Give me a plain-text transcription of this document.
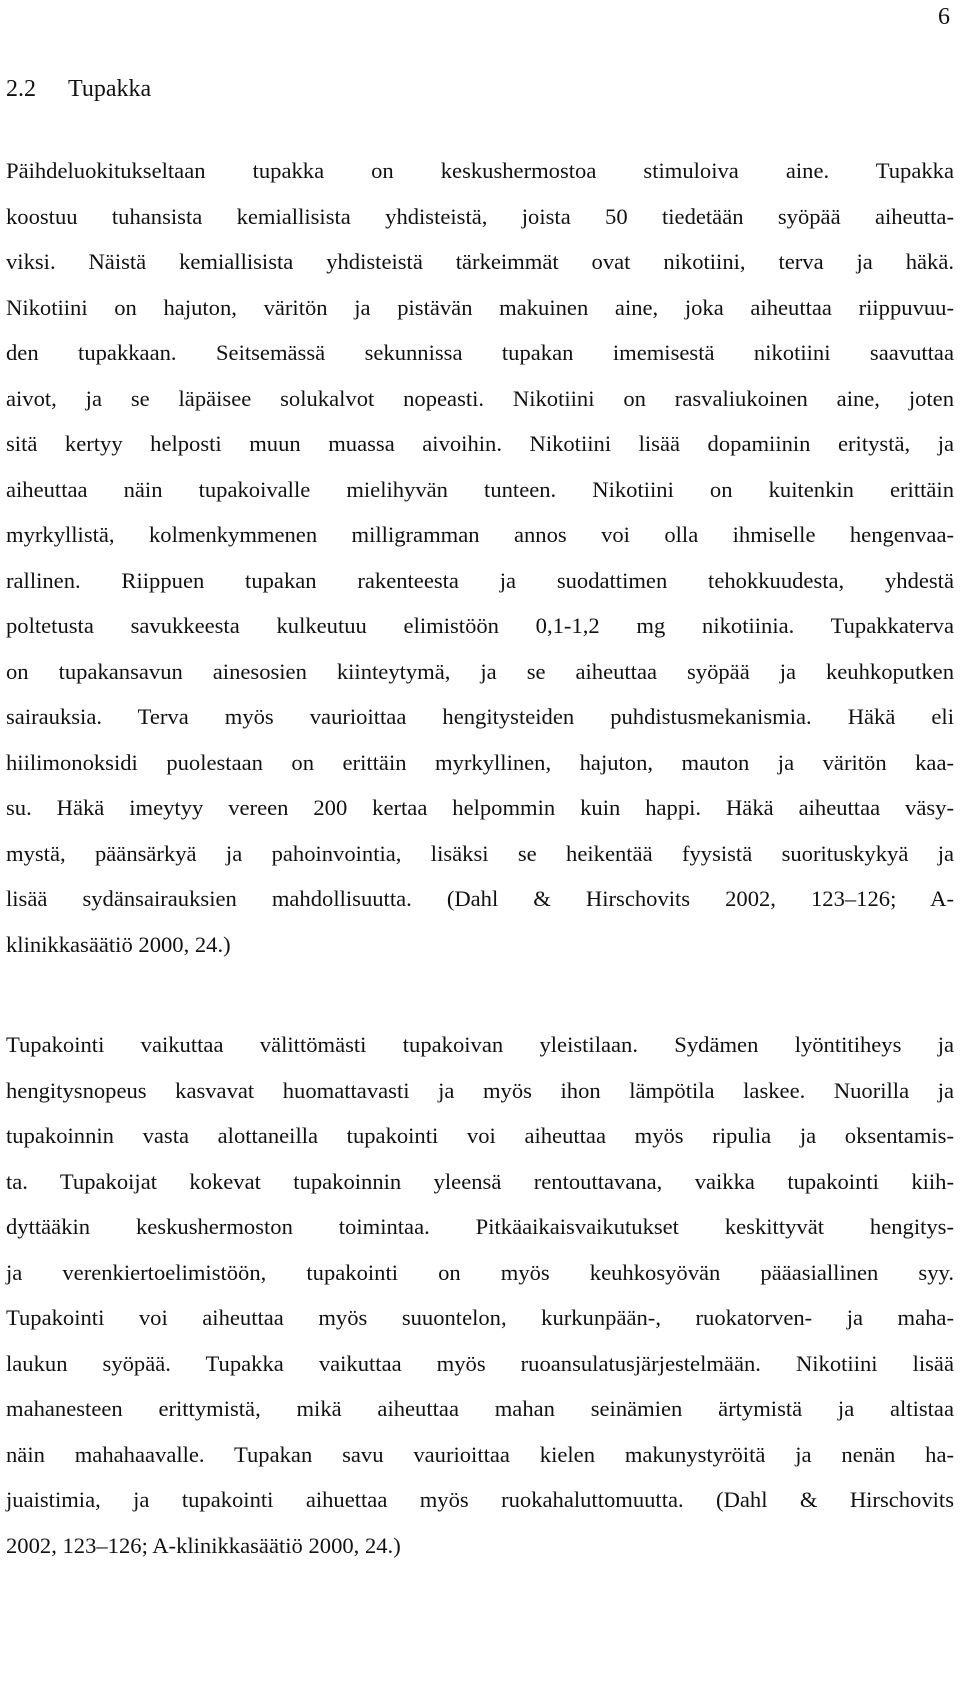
6
2.2 Tupakka
Päihdeluokitukseltaan tupakka on keskushermostoa stimuloiva aine. Tupakka
koostuu tuhansista kemiallisista yhdisteistä, joista 50 tiedetään syöpää aiheutta-
viksi. Näistä kemiallisista yhdisteistä tärkeimmät ovat nikotiini, terva ja häkä.
Nikotiini on hajuton, väritön ja pistävän makuinen aine, joka aiheuttaa riippuvuu-
den tupakkaan. Seitsemässä sekunnissa tupakan imemisestä nikotiini saavuttaa
aivot, ja se läpäisee solukalvot nopeasti. Nikotiini on rasvaliukoinen aine, joten
sitä kertyy helposti muun muassa aivoihin. Nikotiini lisää dopamiinin eritystä, ja
aiheuttaa näin tupakoivalle mielihyvän tunteen. Nikotiini on kuitenkin erittäin
myrkyllistä, kolmenkymmenen milligramman annos voi olla ihmiselle hengenvaa-
rallinen. Riippuen tupakan rakenteesta ja suodattimen tehokkuudesta, yhdestä
poltetusta savukkeesta kulkeutuu elimistöön 0,1-1,2 mg nikotiinia. Tupakkaterva
on tupakansavun ainesosien kiinteytymä, ja se aiheuttaa syöpää ja keuhkoputken
sairauksia. Terva myös vaurioittaa hengitysteiden puhdistusmekanismia. Häkä eli
hiilimonoksidi puolestaan on erittäin myrkyllinen, hajuton, mauton ja väritön kaa-
su. Häkä imeytyy vereen 200 kertaa helpommin kuin happi. Häkä aiheuttaa väsy-
mystä, päänsärkyä ja pahoinvointia, lisäksi se heikentää fyysistä suorituskykyä ja
lisää sydänsairauksien mahdollisuutta. (Dahl & Hirschovits 2002, 123–126; A-
klinikkasäätiö 2000, 24.)
Tupakointi vaikuttaa välittömästi tupakoivan yleistilaan. Sydämen lyöntitiheys ja
hengitysnopeus kasvavat huomattavasti ja myös ihon lämpötila laskee. Nuorilla ja
tupakoinnin vasta alottaneilla tupakointi voi aiheuttaa myös ripulia ja oksentamis-
ta. Tupakoijat kokevat tupakoinnin yleensä rentouttavana, vaikka tupakointi kiih-
dyttääkin keskushermoston toimintaa. Pitkäaikaisvaikutukset keskittyvät hengitys-
ja verenkiertoelimistöön, tupakointi on myös keuhkosyövän pääasiallinen syy.
Tupakointi voi aiheuttaa myös suuontelon, kurkunpään-, ruokatorven- ja maha-
laukun syöpää. Tupakka vaikuttaa myös ruoansulatusjärjestelmään. Nikotiini lisää
mahanesteen erittymistä, mikä aiheuttaa mahan seinämien ärtymistä ja altistaa
näin mahahaavalle. Tupakan savu vaurioittaa kielen makunystyröitä ja nenän ha-
juaistimia, ja tupakointi aihuettaa myös ruokahaluttomuutta. (Dahl & Hirschovits
2002, 123–126; A-klinikkasäätiö 2000, 24.)
